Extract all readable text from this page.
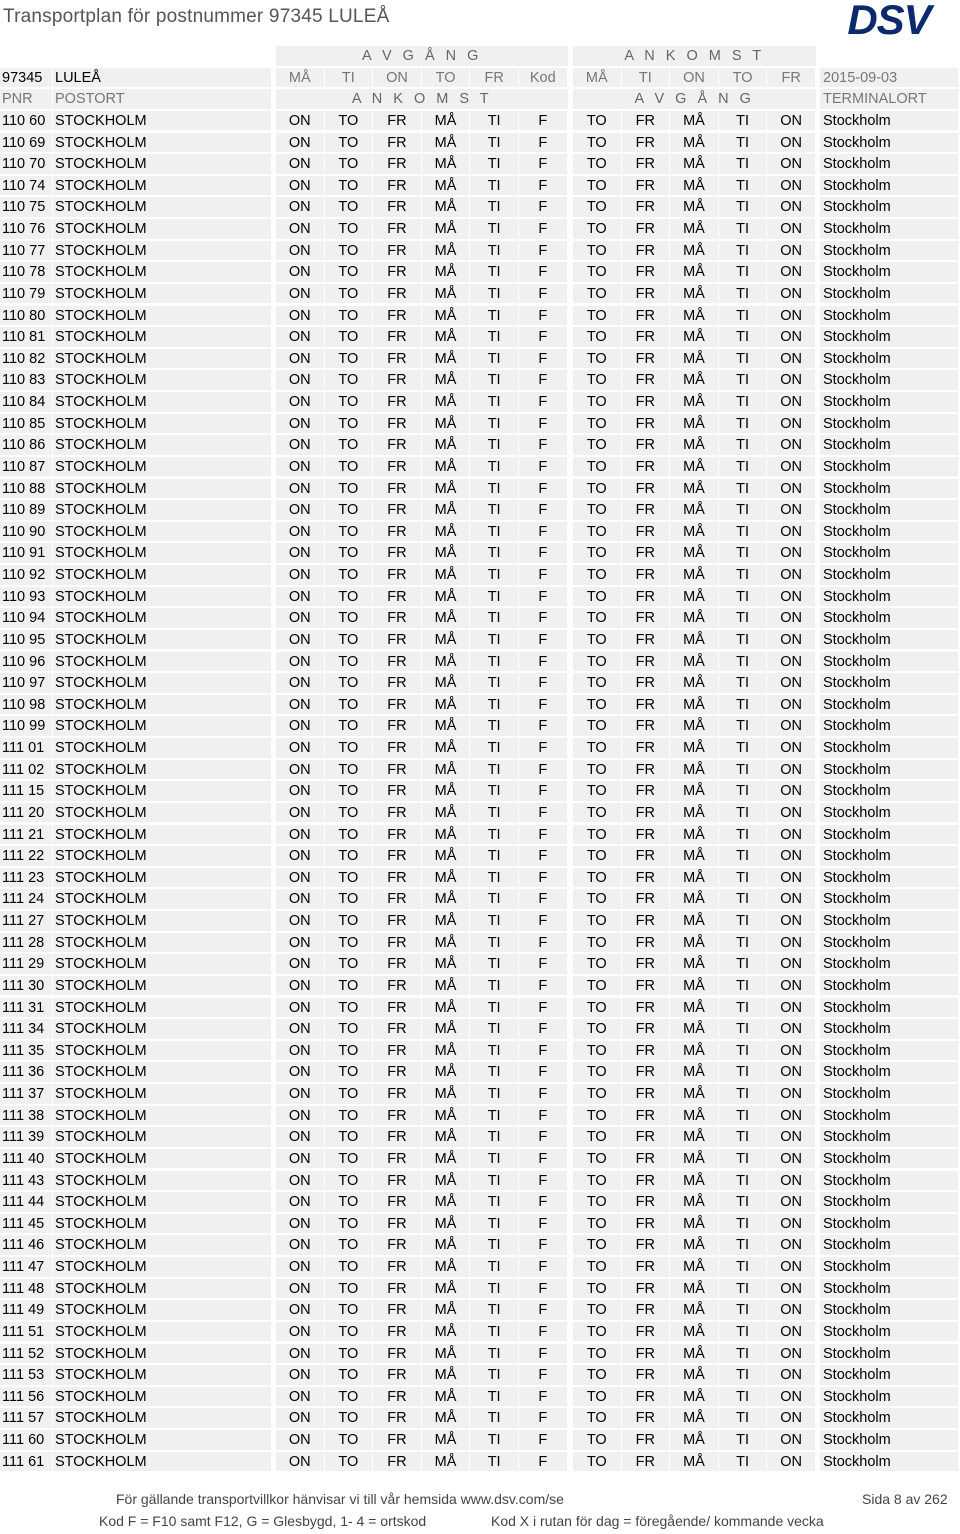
Transportplan för postnummer 97345 LULEÅ	DSV
A V G Å N G	A N K O M S T
97345 LULEÅ	2015-09-03
MÅ	TI	ON	TO	FR	Kod	MÅ	TI	ON	TO	FR
PNR	POSTORT	A N K O M S T	A V G Å N G	TERMINALORT
110 60 STOCKHOLM	ON	TO	FR	MÅ	TI	F	TO	FR	MÅ	TI	ON	Stockholm
110 69 STOCKHOLM	ON	TO	FR	MÅ	TI	F	TO	FR	MÅ	TI	ON	Stockholm
110 70 STOCKHOLM	ON	TO	FR	MÅ	TI	F	TO	FR	MÅ	TI	ON	Stockholm
110 74 STOCKHOLM	ON	TO	FR	MÅ	TI	F	TO	FR	MÅ	TI	ON	Stockholm
110 75 STOCKHOLM	ON	TO	FR	MÅ	TI	F	TO	FR	MÅ	TI	ON	Stockholm
110 76 STOCKHOLM	ON	TO	FR	MÅ	TI	F	TO	FR	MÅ	TI	ON	Stockholm
110 77 STOCKHOLM	ON	TO	FR	MÅ	TI	F	TO	FR	MÅ	TI	ON	Stockholm
110 78 STOCKHOLM	ON	TO	FR	MÅ	TI	F	TO	FR	MÅ	TI	ON	Stockholm
110 79 STOCKHOLM	ON	TO	FR	MÅ	TI	F	TO	FR	MÅ	TI	ON	Stockholm
110 80 STOCKHOLM	ON	TO	FR	MÅ	TI	F	TO	FR	MÅ	TI	ON	Stockholm
110 81 STOCKHOLM	ON	TO	FR	MÅ	TI	F	TO	FR	MÅ	TI	ON	Stockholm
110 82 STOCKHOLM	ON	TO	FR	MÅ	TI	F	TO	FR	MÅ	TI	ON	Stockholm
110 83 STOCKHOLM	ON	TO	FR	MÅ	TI	F	TO	FR	MÅ	TI	ON	Stockholm
110 84 STOCKHOLM	ON	TO	FR	MÅ	TI	F	TO	FR	MÅ	TI	ON	Stockholm
110 85 STOCKHOLM	ON	TO	FR	MÅ	TI	F	TO	FR	MÅ	TI	ON	Stockholm
110 86 STOCKHOLM	ON	TO	FR	MÅ	TI	F	TO	FR	MÅ	TI	ON	Stockholm
110 87 STOCKHOLM	ON	TO	FR	MÅ	TI	F	TO	FR	MÅ	TI	ON	Stockholm
110 88 STOCKHOLM	ON	TO	FR	MÅ	TI	F	TO	FR	MÅ	TI	ON	Stockholm
110 89 STOCKHOLM	ON	TO	FR	MÅ	TI	F	TO	FR	MÅ	TI	ON	Stockholm
110 90 STOCKHOLM	ON	TO	FR	MÅ	TI	F	TO	FR	MÅ	TI	ON	Stockholm
110 91 STOCKHOLM	ON	TO	FR	MÅ	TI	F	TO	FR	MÅ	TI	ON	Stockholm
110 92 STOCKHOLM	ON	TO	FR	MÅ	TI	F	TO	FR	MÅ	TI	ON	Stockholm
110 93 STOCKHOLM	ON	TO	FR	MÅ	TI	F	TO	FR	MÅ	TI	ON	Stockholm
110 94 STOCKHOLM	ON	TO	FR	MÅ	TI	F	TO	FR	MÅ	TI	ON	Stockholm
110 95 STOCKHOLM	ON	TO	FR	MÅ	TI	F	TO	FR	MÅ	TI	ON	Stockholm
110 96 STOCKHOLM	ON	TO	FR	MÅ	TI	F	TO	FR	MÅ	TI	ON	Stockholm
110 97 STOCKHOLM	ON	TO	FR	MÅ	TI	F	TO	FR	MÅ	TI	ON	Stockholm
110 98 STOCKHOLM	ON	TO	FR	MÅ	TI	F	TO	FR	MÅ	TI	ON	Stockholm
110 99 STOCKHOLM	ON	TO	FR	MÅ	TI	F	TO	FR	MÅ	TI	ON	Stockholm
111 01 STOCKHOLM	ON	TO	FR	MÅ	TI	F	TO	FR	MÅ	TI	ON	Stockholm
111 02 STOCKHOLM	ON	TO	FR	MÅ	TI	F	TO	FR	MÅ	TI	ON	Stockholm
111 15 STOCKHOLM	ON	TO	FR	MÅ	TI	F	TO	FR	MÅ	TI	ON	Stockholm
111 20 STOCKHOLM	ON	TO	FR	MÅ	TI	F	TO	FR	MÅ	TI	ON	Stockholm
111 21 STOCKHOLM	ON	TO	FR	MÅ	TI	F	TO	FR	MÅ	TI	ON	Stockholm
111 22 STOCKHOLM	ON	TO	FR	MÅ	TI	F	TO	FR	MÅ	TI	ON	Stockholm
111 23 STOCKHOLM	ON	TO	FR	MÅ	TI	F	TO	FR	MÅ	TI	ON	Stockholm
111 24 STOCKHOLM	ON	TO	FR	MÅ	TI	F	TO	FR	MÅ	TI	ON	Stockholm
111 27 STOCKHOLM	ON	TO	FR	MÅ	TI	F	TO	FR	MÅ	TI	ON	Stockholm
111 28 STOCKHOLM	ON	TO	FR	MÅ	TI	F	TO	FR	MÅ	TI	ON	Stockholm
111 29 STOCKHOLM	ON	TO	FR	MÅ	TI	F	TO	FR	MÅ	TI	ON	Stockholm
111 30 STOCKHOLM	ON	TO	FR	MÅ	TI	F	TO	FR	MÅ	TI	ON	Stockholm
111 31 STOCKHOLM	ON	TO	FR	MÅ	TI	F	TO	FR	MÅ	TI	ON	Stockholm
111 34 STOCKHOLM	ON	TO	FR	MÅ	TI	F	TO	FR	MÅ	TI	ON	Stockholm
111 35 STOCKHOLM	ON	TO	FR	MÅ	TI	F	TO	FR	MÅ	TI	ON	Stockholm
111 36 STOCKHOLM	ON	TO	FR	MÅ	TI	F	TO	FR	MÅ	TI	ON	Stockholm
111 37 STOCKHOLM	ON	TO	FR	MÅ	TI	F	TO	FR	MÅ	TI	ON	Stockholm
111 38 STOCKHOLM	ON	TO	FR	MÅ	TI	F	TO	FR	MÅ	TI	ON	Stockholm
111 39 STOCKHOLM	ON	TO	FR	MÅ	TI	F	TO	FR	MÅ	TI	ON	Stockholm
111 40 STOCKHOLM	ON	TO	FR	MÅ	TI	F	TO	FR	MÅ	TI	ON	Stockholm
111 43 STOCKHOLM	ON	TO	FR	MÅ	TI	F	TO	FR	MÅ	TI	ON	Stockholm
111 44 STOCKHOLM	ON	TO	FR	MÅ	TI	F	TO	FR	MÅ	TI	ON	Stockholm
111 45 STOCKHOLM	ON	TO	FR	MÅ	TI	F	TO	FR	MÅ	TI	ON	Stockholm
111 46 STOCKHOLM	ON	TO	FR	MÅ	TI	F	TO	FR	MÅ	TI	ON	Stockholm
111 47 STOCKHOLM	ON	TO	FR	MÅ	TI	F	TO	FR	MÅ	TI	ON	Stockholm
111 48 STOCKHOLM	ON	TO	FR	MÅ	TI	F	TO	FR	MÅ	TI	ON	Stockholm
111 49 STOCKHOLM	ON	TO	FR	MÅ	TI	F	TO	FR	MÅ	TI	ON	Stockholm
111 51 STOCKHOLM	ON	TO	FR	MÅ	TI	F	TO	FR	MÅ	TI	ON	Stockholm
111 52 STOCKHOLM	ON	TO	FR	MÅ	TI	F	TO	FR	MÅ	TI	ON	Stockholm
111 53 STOCKHOLM	ON	TO	FR	MÅ	TI	F	TO	FR	MÅ	TI	ON	Stockholm
111 56 STOCKHOLM	ON	TO	FR	MÅ	TI	F	TO	FR	MÅ	TI	ON	Stockholm
111 57 STOCKHOLM	ON	TO	FR	MÅ	TI	F	TO	FR	MÅ	TI	ON	Stockholm
111 60 STOCKHOLM	ON	TO	FR	MÅ	TI	F	TO	FR	MÅ	TI	ON	Stockholm
111 61 STOCKHOLM	ON	TO	FR	MÅ	TI	F	TO	FR	MÅ	TI	ON	Stockholm
För gällande transportvillkor hänvisar vi till vår hemsida www.dsv.com/se	Sida 8 av 262
Kod F = F10 samt F12, G = Glesbygd, 1- 4 = ortskod	Kod X i rutan för dag = föregående/ kommande vecka
